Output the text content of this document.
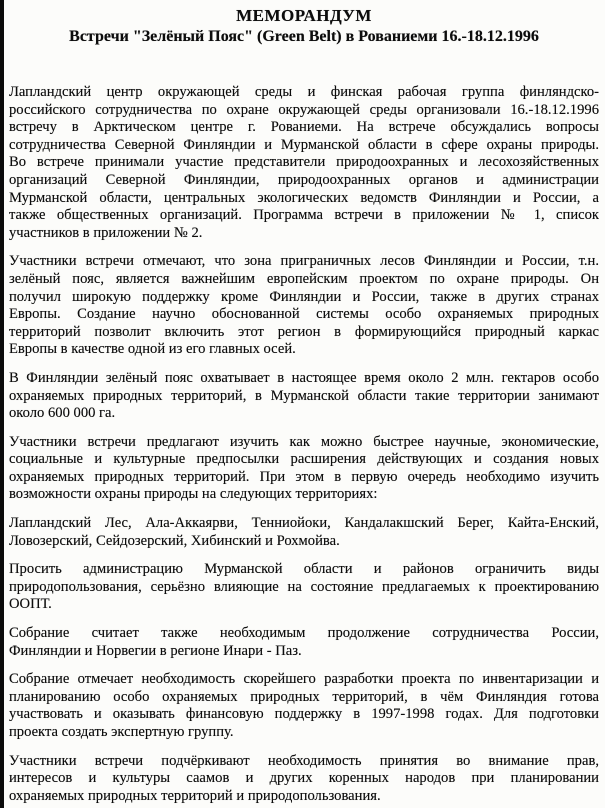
МЕМОРАНДУМ
Встречи "Зелёный Пояс" (Green Belt) в Рованиеми 16.-18.12.1996

Лапландский центр окружающей среды и финская рабочая группа финляндско-
российского сотрудничества по охране окружающей среды организовали 16.-18.12.1996
встречу в Арктическом центре г. Рованиеми. На встрече обсуждались вопросы
сотрудничества Северной Финляндии и Мурманской области в сфере охраны природы.
Во встрече принимали участие представители природоохранных и лесохозяйственных
организаций Северной Финляндии, природоохранных органов и администрации
Мурманской области, центральных экологических ведомств Финляндии и России, а
также общественных организаций. Программа встречи в приложении № 1, список
участников в приложении № 2.

Участники встречи отмечают, что зона приграничных лесов Финляндии и России, т.н.
зелёный пояс, является важнейшим европейским проектом по охране природы. Он
получил широкую поддержку кроме Финляндии и России, также в других странах
Европы. Создание научно обоснованной системы особо охраняемых природных
территорий позволит включить этот регион в формирующийся природный каркас
Европы в качестве одной из его главных осей.

В Финляндии зелёный пояс охватывает в настоящее время около 2 млн. гектаров особо
охраняемых природных территорий, в Мурманской области такие территории занимают
около 600 000 га.

Участники встречи предлагают изучить как можно быстрее научные, экономические,
социальные и культурные предпосылки расширения действующих и создания новых
охраняемых природных территорий. При этом в первую очередь необходимо изучить
возможности охраны природы на следующих территориях:

Лапландский Лес, Ала-Аккаярви, Тенниойоки, Кандалакшский Берег, Кайта-Енский,
Ловозерский, Сейдозерский, Хибинский и Рохмойва.

Просить администрацию Мурманской области и районов ограничить виды
природопользования, серьёзно влияющие на состояние предлагаемых к проектированию
ООПТ.

Собрание считает также необходимым продолжение сотрудничества России,
Финляндии и Норвегии в регионе Инари - Паз.

Собрание отмечает необходимость скорейшего разработки проекта по инвентаризации и
планированию особо охраняемых природных территорий, в чём Финляндия готова
участвовать и оказывать финансовую поддержку в 1997-1998 годах. Для подготовки
проекта создать экспертную группу.

Участники встречи подчёркивают необходимость принятия во внимание прав,
интересов и культуры саамов и других коренных народов при планировании
охраняемых природных территорий и природопользования.
